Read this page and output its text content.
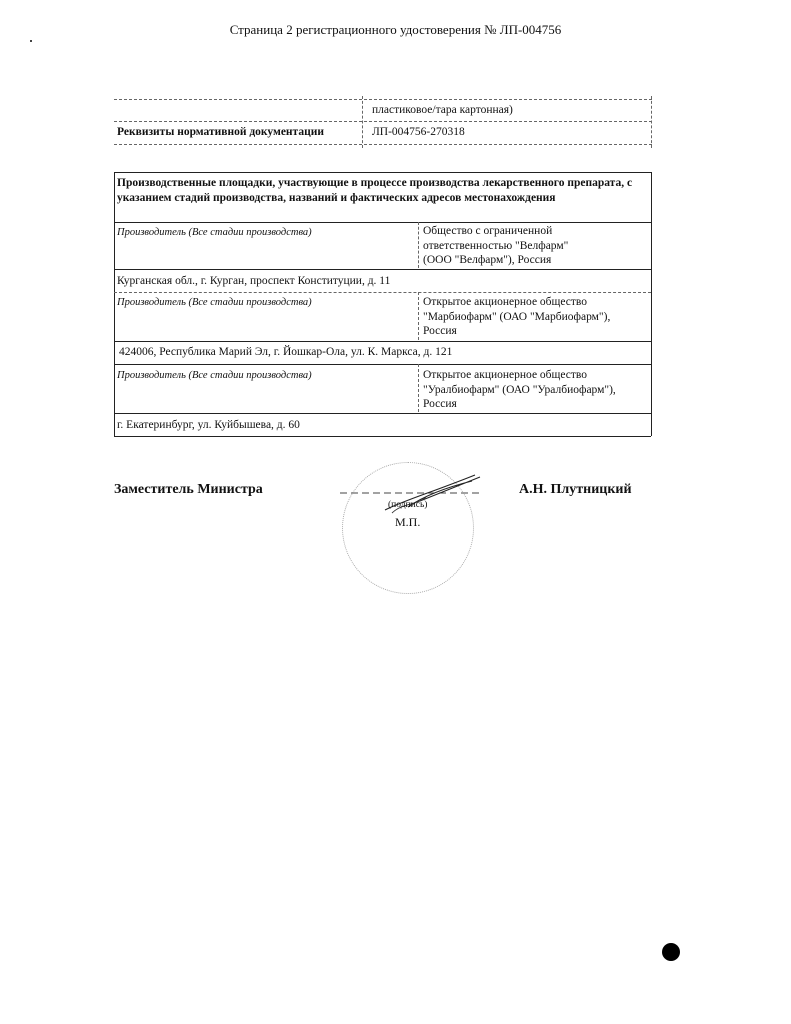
Страница 2 регистрационного удостоверения № ЛП-004756
пластиковое/тара картонная)
Реквизиты нормативной документации	ЛП-004756-270318
Производственные площадки, участвующие в процессе производства лекарственного препарата, с указанием стадий производства, названий и фактических адресов местонахождения
Производитель (Все стадии производства)	Общество с ограниченной
ответственностью "Велфарм"
(ООО "Велфарм"), Россия
Курганская обл., г. Курган, проспект Конституции, д. 11
Производитель (Все стадии производства)	Открытое акционерное общество
"Марбиофарм" (ОАО "Марбиофарм"),
Россия
424006, Республика Марий Эл, г. Йошкар-Ола, ул. К. Маркса, д. 121
Производитель (Все стадии производства)	Открытое акционерное общество
"Уралбиофарм" (ОАО "Уралбиофарм"),
Россия
г. Екатеринбург, ул. Куйбышева, д. 60
Заместитель Министра
(подпись)
М.П.
А.Н. Плутницкий
